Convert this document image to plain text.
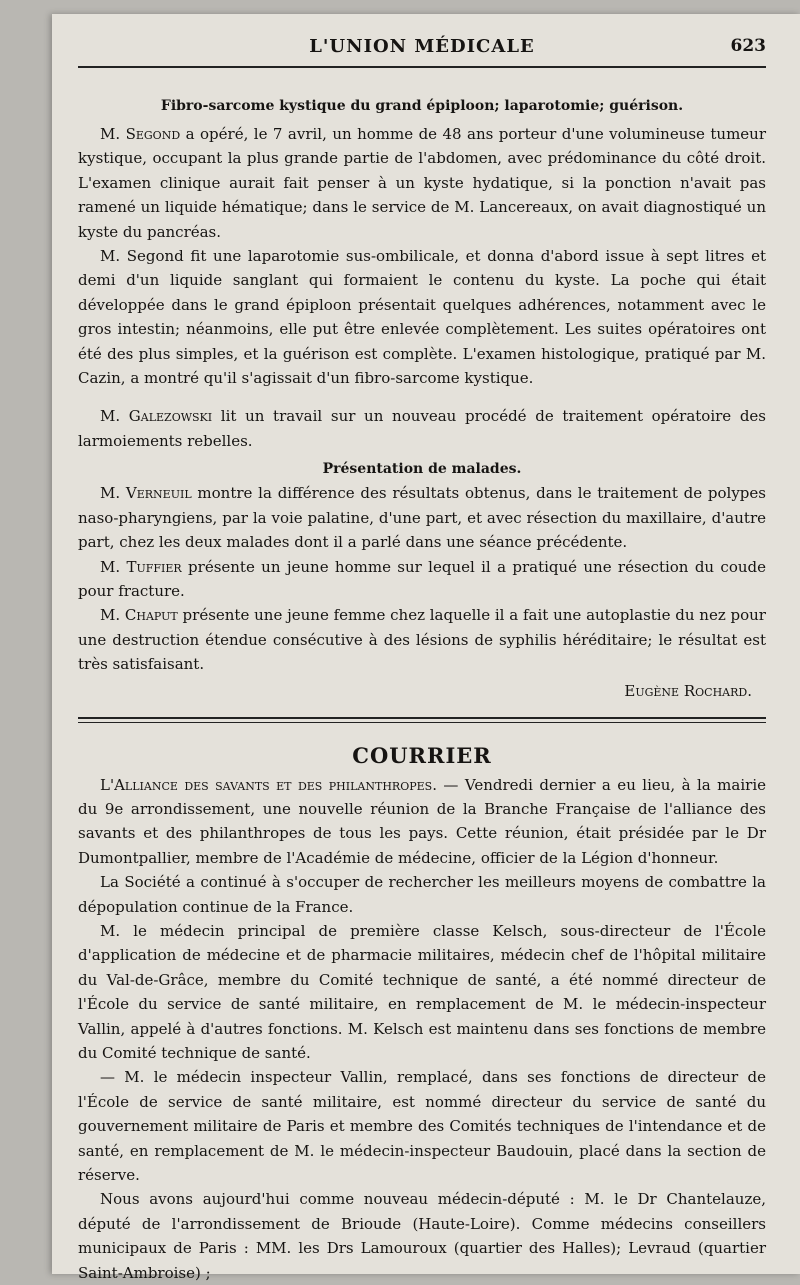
L'UNION MÉDICALE	623
Fibro-sarcome kystique du grand épiploon; laparotomie; guérison.

M. Segond a opéré, le 7 avril, un homme de 48 ans porteur d'une volumineuse tumeur kystique, occupant la plus grande partie de l'abdomen, avec prédominance du côté droit. L'examen clinique aurait fait penser à un kyste hydatique, si la ponction n'avait pas ramené un liquide hématique; dans le service de M. Lancereaux, on avait diagnostiqué un kyste du pancréas.

M. Segond fit une laparotomie sus-ombilicale, et donna d'abord issue à sept litres et demi d'un liquide sanglant qui formaient le contenu du kyste. La poche qui était développée dans le grand épiploon présentait quelques adhérences, notamment avec le gros intestin; néanmoins, elle put être enlevée complètement. Les suites opératoires ont été des plus simples, et la guérison est complète. L'examen histologique, pratiqué par M. Cazin, a montré qu'il s'agissait d'un fibro-sarcome kystique.

M. Galezowski lit un travail sur un nouveau procédé de traitement opératoire des larmoiements rebelles.

Présentation de malades.

M. Verneuil montre la différence des résultats obtenus, dans le traitement de polypes naso-pharyngiens, par la voie palatine, d'une part, et avec résection du maxillaire, d'autre part, chez les deux malades dont il a parlé dans une séance précédente.

M. Tuffier présente un jeune homme sur lequel il a pratiqué une résection du coude pour fracture.

M. Chaput présente une jeune femme chez laquelle il a fait une autoplastie du nez pour une destruction étendue consécutive à des lésions de syphilis héréditaire; le résultat est très satisfaisant.

Eugène Rochard.
COURRIER

L'Alliance des savants et des philanthropes. — Vendredi dernier a eu lieu, à la mairie du 9e arrondissement, une nouvelle réunion de la Branche Française de l'alliance des savants et des philanthropes de tous les pays. Cette réunion, était présidée par le Dr Dumontpallier, membre de l'Académie de médecine, officier de la Légion d'honneur.

La Société a continué à s'occuper de rechercher les meilleurs moyens de combattre la dépopulation continue de la France.

M. le médecin principal de première classe Kelsch, sous-directeur de l'École d'application de médecine et de pharmacie militaires, médecin chef de l'hôpital militaire du Val-de-Grâce, membre du Comité technique de santé, a été nommé directeur de l'École du service de santé militaire, en remplacement de M. le médecin-inspecteur Vallin, appelé à d'autres fonctions. M. Kelsch est maintenu dans ses fonctions de membre du Comité technique de santé.

— M. le médecin inspecteur Vallin, remplacé, dans ses fonctions de directeur de l'École de service de santé militaire, est nommé directeur du service de santé du gouvernement militaire de Paris et membre des Comités techniques de l'intendance et de santé, en remplacement de M. le médecin-inspecteur Baudouin, placé dans la section de réserve.

Nous avons aujourd'hui comme nouveau médecin-député : M. le Dr Chantelauze, député de l'arrondissement de Brioude (Haute-Loire). Comme médecins conseillers municipaux de Paris : MM. les Drs Lamouroux (quartier des Halles); Levraud (quartier Saint-Ambroise) ;
